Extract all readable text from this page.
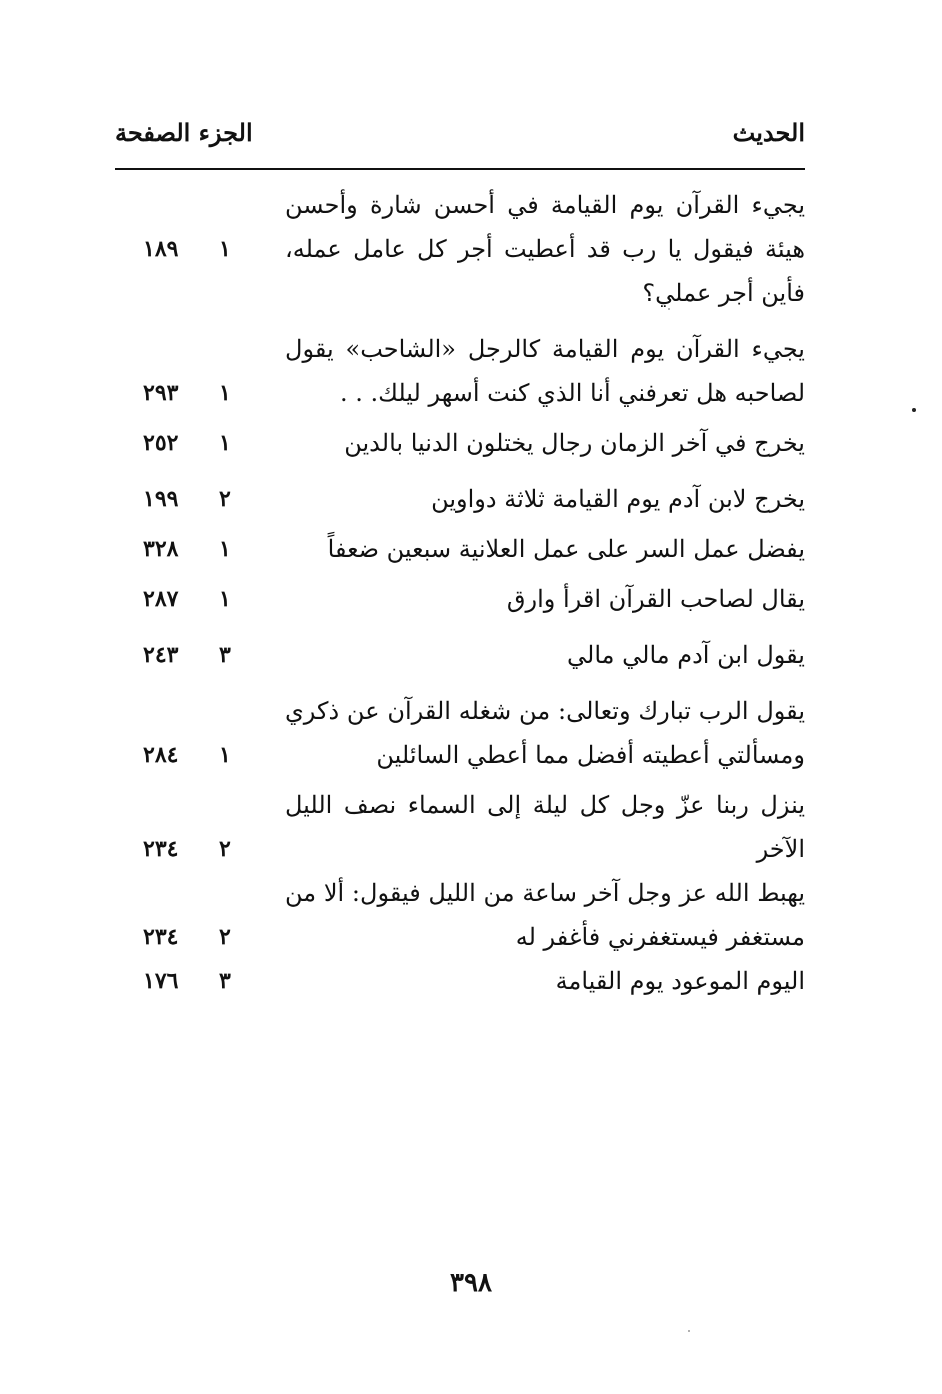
الحديث
الجزء الصفحة
يجيء القرآن يوم القيامة في أحسن شارة وأحسن هيئة فيقول يا رب قد أعطيت أجر كل عامل عمله، فأين أجر عملي؟
١
١٨٩
يجيء القرآن يوم القيامة كالرجل «الشاحب» يقول لصاحبه هل تعرفني أنا الذي كنت أسهر ليلك. . .
١
٢٩٣
يخرج في آخر الزمان رجال يختلون الدنيا بالدين
١
٢٥٢
يخرج لابن آدم يوم القيامة ثلاثة دواوين
٢
١٩٩
يفضل عمل السر على عمل العلانية سبعين ضعفاً
١
٣٢٨
يقال لصاحب القرآن اقرأ وارق
١
٢٨٧
يقول ابن آدم مالي مالي
٣
٢٤٣
يقول الرب تبارك وتعالى: من شغله القرآن عن ذكري ومسألتي أعطيته أفضل مما أعطي السائلين
١
٢٨٤
ينزل ربنا عزّ وجل كل ليلة إلى السماء نصف الليل الآخر
٢
٢٣٤
يهبط الله عز وجل آخر ساعة من الليل فيقول: ألا من مستغفر فيستغفرني فأغفر له
٢
٢٣٤
اليوم الموعود يوم القيامة
٣
١٧٦
٣٩٨
